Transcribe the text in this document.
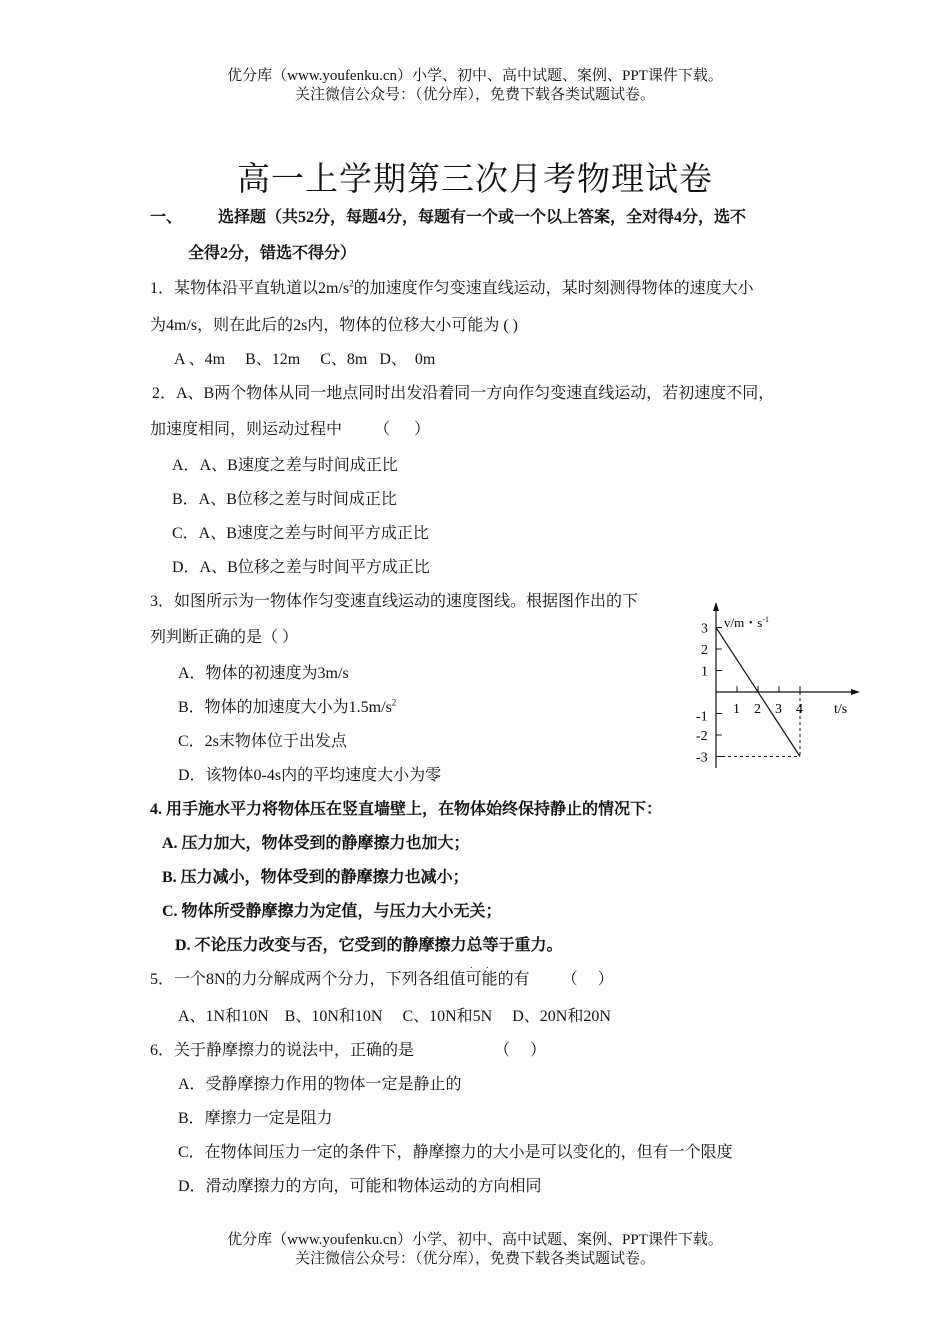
优分库（www.youfenku.cn）小学、初中、高中试题、案例、PPT课件下载。
关注微信公众号：（优分库），免费下载各类试题试卷。
高一上学期第三次月考物理试卷
一、 选择题（共52分，每题4分，每题有一个或一个以上答案，全对得4分，选不
全得2分，错选不得分）
1．某物体沿平直轨道以$2m/s^2$的加速度作匀变速直线运动，某时刻测得物体的速度大小
为4m/s，则在此后的2s内，物体的位移大小可能为 ( )
A 、4m     B、12m     C、8m   D、  0m
2．A、B两个物体从同一地点同时出发沿着同一方向作匀变速直线运动，若初速度不同，
加速度相同，则运动过程中        （      ）
A．A、B速度之差与时间成正比
B．A、B位移之差与时间成正比
C．A、B速度之差与时间平方成正比
D．A、B位移之差与时间平方成正比
3．如图所示为一物体作匀变速直线运动的速度图线。根据图作出的下
列判断正确的是（ ）
A．物体的初速度为3m/s
B．物体的加速度大小为$1.5m/s^2$
C．2s末物体位于出发点
D．该物体0-4s内的平均速度大小为零
3
2
1
-1
-2
-3
1 2 3 4
v/m・$s^{-1}$
t/s
4. 用手施水平力将物体压在竖直墙壁上，在物体始终保持静止的情况下：
A. 压力加大，物体受到的静摩擦力也加大；
B. 压力减小，物体受到的静摩擦力也减小；
C. 物体所受静摩擦力为定值，与压力大小无关；
D. 不论压力改变与否，它受到的静摩擦力总等于重力。
5．一个8N的力分解成两个分力，下列各组值
· ·
可能的有        （     ）
A、1N和10N    B、10N和10N     C、10N和5N     D、20N和20N
6．关于静摩擦力的说法中，正确的是                    （     ）
A．受静摩擦力作用的物体一定是静止的
B．摩擦力一定是阻力
C．在物体间压力一定的条件下，静摩擦力的大小是可以变化的，但有一个限度
D．滑动摩擦力的方向，可能和物体运动的方向相同
优分库（www.youfenku.cn）小学、初中、高中试题、案例、PPT课件下载。
关注微信公众号：（优分库），免费下载各类试题试卷。
